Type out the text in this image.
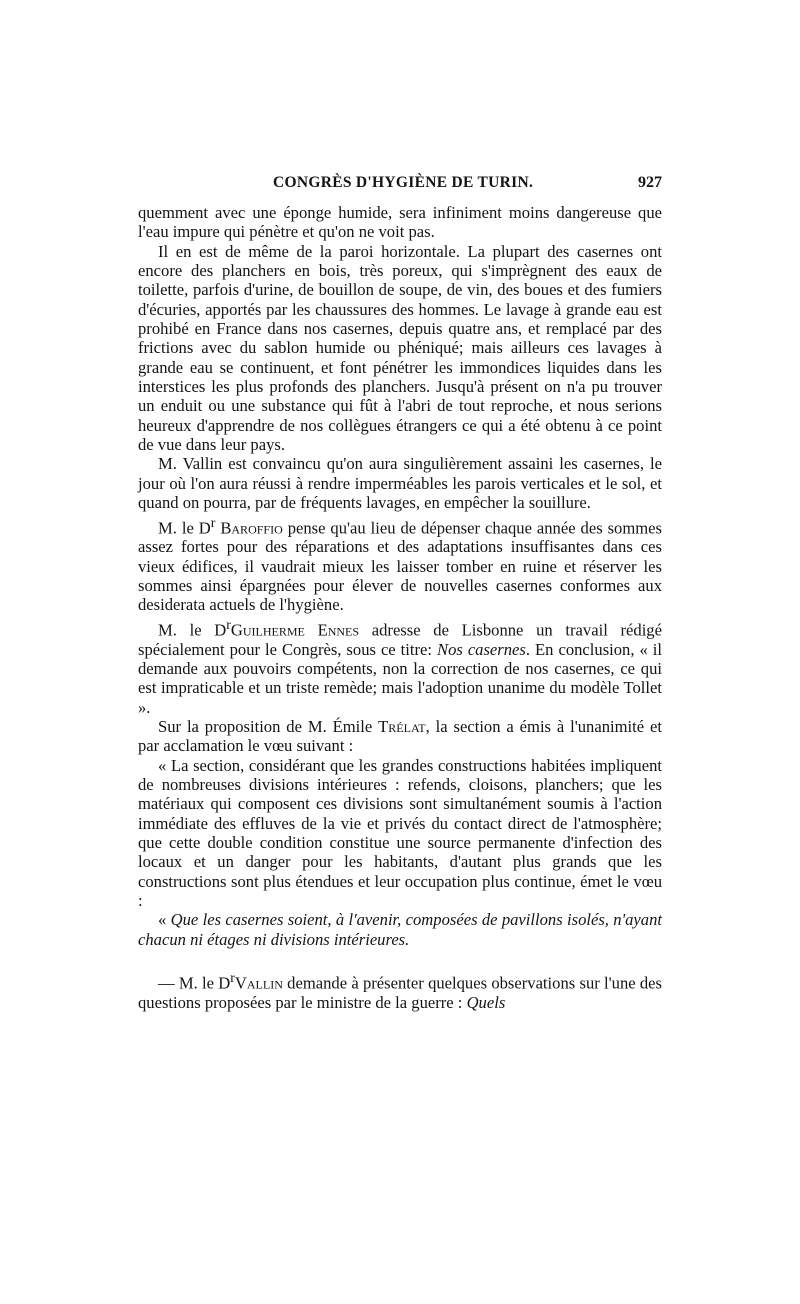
CONGRÈS D'HYGIÈNE DE TURIN.	927

quemment avec une éponge humide, sera infiniment moins dangereuse que l'eau impure qui pénètre et qu'on ne voit pas.

Il en est de même de la paroi horizontale. La plupart des casernes ont encore des planchers en bois, très poreux, qui s'imprègnent des eaux de toilette, parfois d'urine, de bouillon de soupe, de vin, des boues et des fumiers d'écuries, apportés par les chaussures des hommes. Le lavage à grande eau est prohibé en France dans nos casernes, depuis quatre ans, et remplacé par des frictions avec du sablon humide ou phéniqué; mais ailleurs ces lavages à grande eau se continuent, et font pénétrer les immondices liquides dans les interstices les plus profonds des planchers. Jusqu'à présent on n'a pu trouver un enduit ou une substance qui fût à l'abri de tout reproche, et nous serions heureux d'apprendre de nos collègues étrangers ce qui a été obtenu à ce point de vue dans leur pays.

M. Vallin est convaincu qu'on aura singulièrement assaini les casernes, le jour où l'on aura réussi à rendre imperméables les parois verticales et le sol, et quand on pourra, par de fréquents lavages, en empêcher la souillure.

M. le $D^r$ Baroffio pense qu'au lieu de dépenser chaque année des sommes assez fortes pour des réparations et des adaptations insuffisantes dans ces vieux édifices, il vaudrait mieux les laisser tomber en ruine et réserver les sommes ainsi épargnées pour élever de nouvelles casernes conformes aux desiderata actuels de l'hygiène.

M. le $D^rGuilherme$ Ennes adresse de Lisbonne un travail rédigé spécialement pour le Congrès, sous ce titre: Nos casernes. En conclusion, « il demande aux pouvoirs compétents, non la correction de nos casernes, ce qui est impraticable et un triste remède; mais l'adoption unanime du modèle Tollet ».

Sur la proposition de M. Émile Trélat, la section a émis à l'unanimité et par acclamation le vœu suivant :

« La section, considérant que les grandes constructions habitées impliquent de nombreuses divisions intérieures : refends, cloisons, planchers; que les matériaux qui composent ces divisions sont simultanément soumis à l'action immédiate des effluves de la vie et privés du contact direct de l'atmosphère; que cette double condition constitue une source permanente d'infection des locaux et un danger pour les habitants, d'autant plus grands que les constructions sont plus étendues et leur occupation plus continue, émet le vœu :

« Que les casernes soient, à l'avenir, composées de pavillons isolés, n'ayant chacun ni étages ni divisions intérieures.

— M. le $D^rVallin$ demande à présenter quelques observations sur l'une des questions proposées par le ministre de la guerre : Quels
